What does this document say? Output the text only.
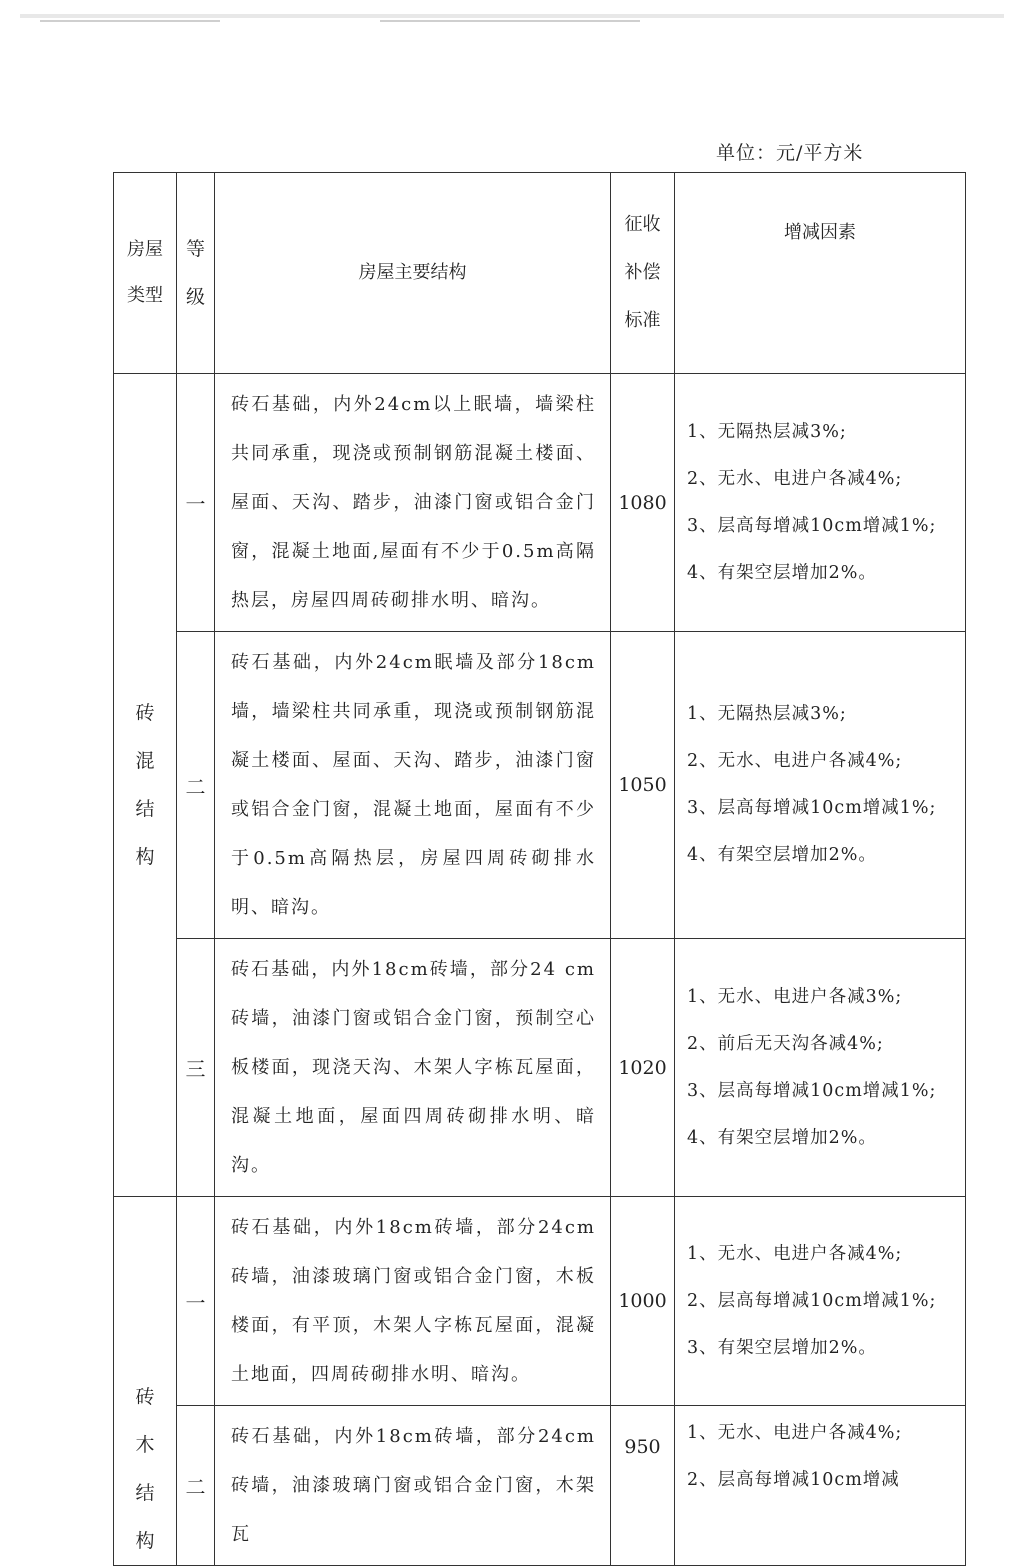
单位：元/平方米
房屋类型	等级	房屋主要结构	征收补偿标准	增减因素

砖混结构	一	砖石基础，内外24cm以上眠墙，墙梁柱共同承重，现浇或预制钢筋混凝土楼面、屋面、天沟、踏步，油漆门窗或铝合金门窗，混凝土地面,屋面有不少于0.5m高隔热层，房屋四周砖砌排水明、暗沟。	1080	1、无隔热层减3%;
2、无水、电进户各减4%;
3、层高每增减10cm增减1%;
4、有架空层增加2%。

	二	砖石基础，内外24cm眠墙及部分18cm墙，墙梁柱共同承重，现浇或预制钢筋混凝土楼面、屋面、天沟、踏步，油漆门窗或铝合金门窗，混凝土地面，屋面有不少于0.5m高隔热层，房屋四周砖砌排水明、暗沟。	1050	1、无隔热层减3%;
2、无水、电进户各减4%;
3、层高每增减10cm增减1%;
4、有架空层增加2%。

	三	砖石基础，内外18cm砖墙，部分24 cm砖墙，油漆门窗或铝合金门窗，预制空心板楼面，现浇天沟、木架人字栋瓦屋面，混凝土地面，屋面四周砖砌排水明、暗沟。	1020	1、无水、电进户各减3%;
2、前后无天沟各减4%;
3、层高每增减10cm增减1%;
4、有架空层增加2%。

砖木结构	一	砖石基础，内外18cm砖墙，部分24cm砖墙，油漆玻璃门窗或铝合金门窗，木板楼面，有平顶，木架人字栋瓦屋面，混凝土地面，四周砖砌排水明、暗沟。	1000	1、无水、电进户各减4%;
2、层高每增减10cm增减1%;
3、有架空层增加2%。

	二	砖石基础，内外18cm砖墙，部分24cm砖墙，油漆玻璃门窗或铝合金门窗，木架瓦	950	1、无水、电进户各减4%;
2、层高每增减10cm增减
